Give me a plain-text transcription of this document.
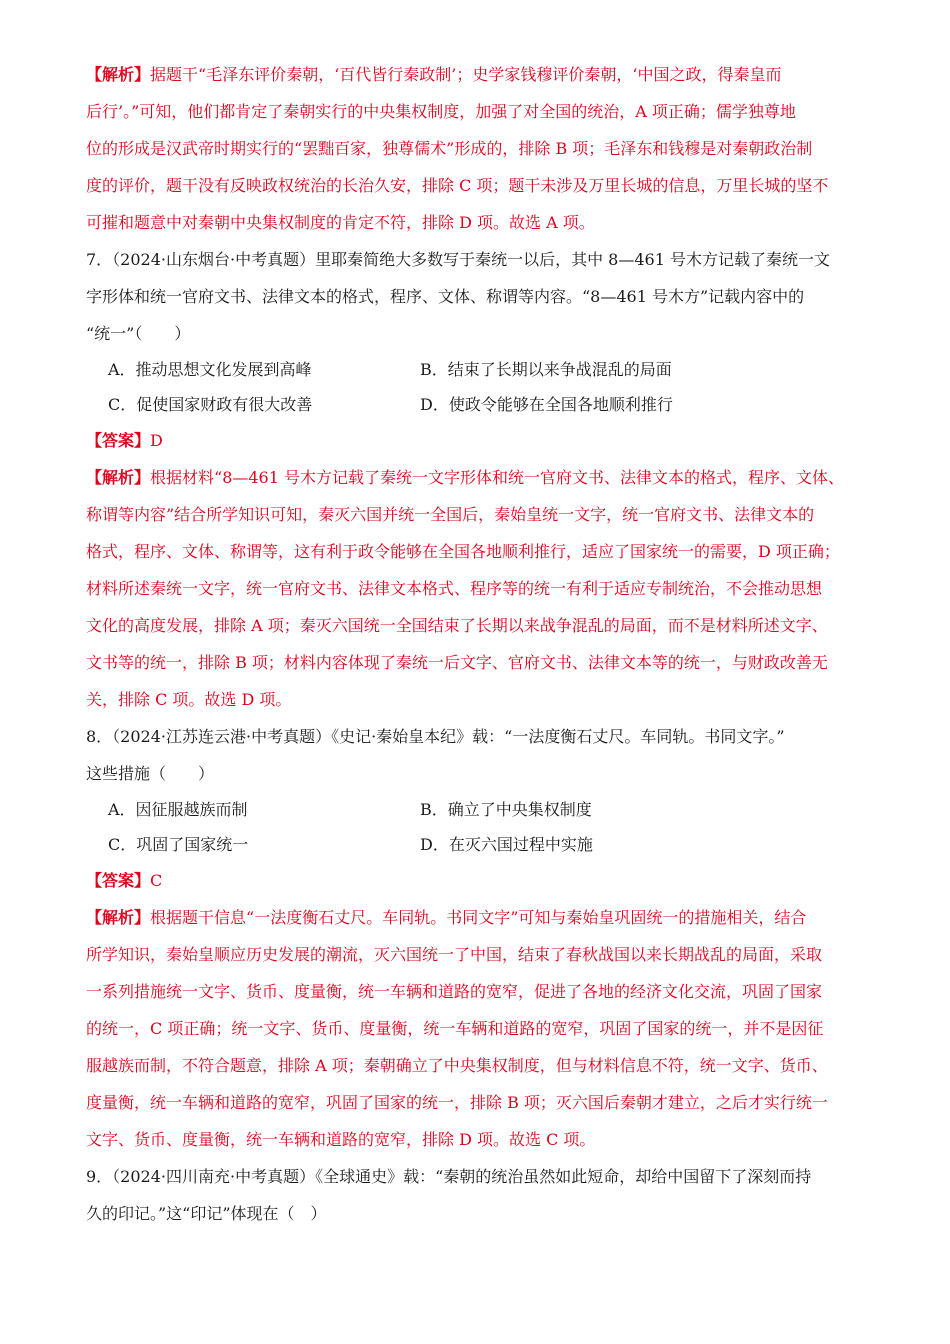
【解析】据题干“毛泽东评价秦朝，‘百代皆行秦政制’；史学家钱穆评价秦朝，‘中国之政，得秦皇而
后行’。”可知，他们都肯定了秦朝实行的中央集权制度，加强了对全国的统治，A 项正确；儒学独尊地
位的形成是汉武帝时期实行的“罢黜百家，独尊儒术”形成的，排除 B 项；毛泽东和钱穆是对秦朝政治制
度的评价，题干没有反映政权统治的长治久安，排除 C 项；题干未涉及万里长城的信息，万里长城的坚不
可摧和题意中对秦朝中央集权制度的肯定不符，排除 D 项。故选 A 项。
7．（2024·山东烟台·中考真题）里耶秦简绝大多数写于秦统一以后，其中 8—461 号木方记载了秦统一文
字形体和统一官府文书、法律文本的格式，程序、文体、称谓等内容。“8—461 号木方”记载内容中的
“统一”（　　）
A．推动思想文化发展到高峰	B．结束了长期以来争战混乱的局面
C．促使国家财政有很大改善	D．使政令能够在全国各地顺利推行
【答案】D
【解析】根据材料“8—461 号木方记载了秦统一文字形体和统一官府文书、法律文本的格式，程序、文体、
称谓等内容”结合所学知识可知，秦灭六国并统一全国后，秦始皇统一文字，统一官府文书、法律文本的
格式，程序、文体、称谓等，这有利于政令能够在全国各地顺利推行，适应了国家统一的需要，D 项正确；
材料所述秦统一文字，统一官府文书、法律文本格式、程序等的统一有利于适应专制统治，不会推动思想
文化的高度发展，排除 A 项；秦灭六国统一全国结束了长期以来战争混乱的局面，而不是材料所述文字、
文书等的统一，排除 B 项；材料内容体现了秦统一后文字、官府文书、法律文本等的统一，与财政改善无
关，排除 C 项。故选 D 项。
8．（2024·江苏连云港·中考真题）《史记·秦始皇本纪》载：“一法度衡石丈尺。车同轨。书同文字。”
这些措施（　　）
A．因征服越族而制	B．确立了中央集权制度
C．巩固了国家统一	D．在灭六国过程中实施
【答案】C
【解析】根据题干信息“一法度衡石丈尺。车同轨。书同文字”可知与秦始皇巩固统一的措施相关，结合
所学知识，秦始皇顺应历史发展的潮流，灭六国统一了中国，结束了春秋战国以来长期战乱的局面，采取
一系列措施统一文字、货币、度量衡，统一车辆和道路的宽窄，促进了各地的经济文化交流，巩固了国家
的统一，C 项正确；统一文字、货币、度量衡，统一车辆和道路的宽窄，巩固了国家的统一，并不是因征
服越族而制，不符合题意，排除 A 项；秦朝确立了中央集权制度，但与材料信息不符，统一文字、货币、
度量衡，统一车辆和道路的宽窄，巩固了国家的统一，排除 B 项；灭六国后秦朝才建立，之后才实行统一
文字、货币、度量衡，统一车辆和道路的宽窄，排除 D 项。故选 C 项。
9．（2024·四川南充·中考真题）《全球通史》载：“秦朝的统治虽然如此短命，却给中国留下了深刻而持
久的印记。”这“印记”体现在（　）
